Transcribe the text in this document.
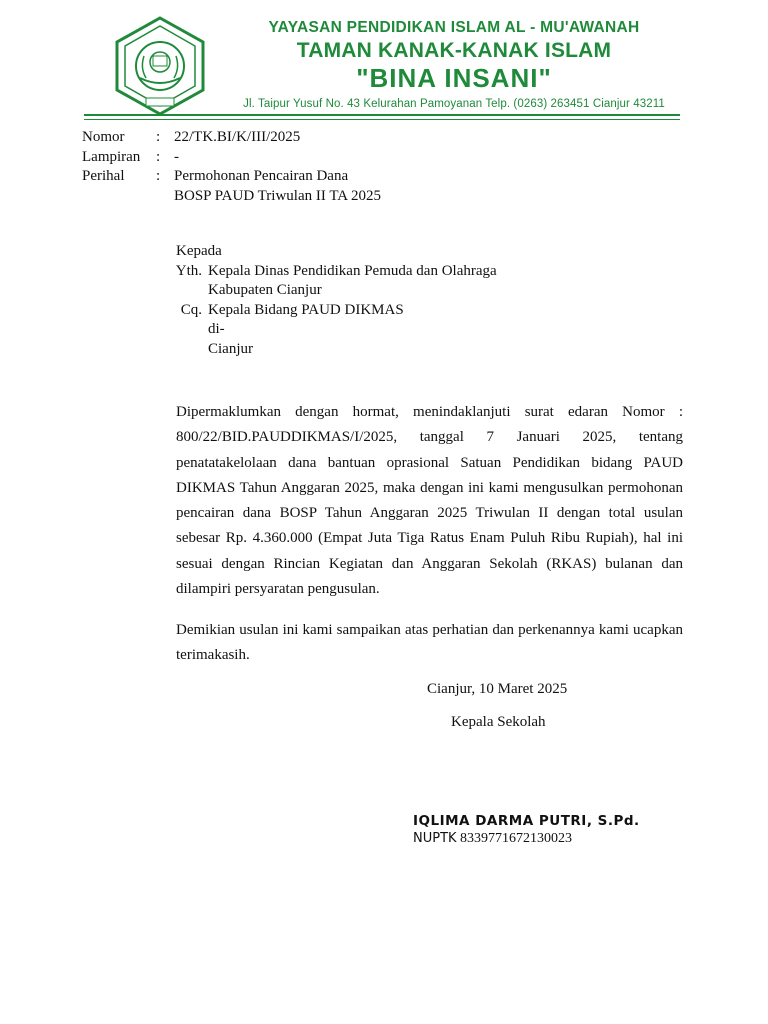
YAYASAN PENDIDIKAN ISLAM AL - MU'AWANAH
TAMAN KANAK-KANAK ISLAM
"BINA INSANI"
Jl. Taipur Yusuf No. 43 Kelurahan Pamoyanan Telp. (0263) 263451 Cianjur 43211
Nomor	: 22/TK.BI/K/III/2025
Lampiran	: -
Perihal	: Permohonan Pencairan Dana
BOSP PAUD Triwulan II TA 2025
Kepada
Yth. Kepala Dinas Pendidikan Pemuda dan Olahraga
Kabupaten Cianjur
Cq. Kepala Bidang PAUD DIKMAS
di-
Cianjur

Dipermaklumkan dengan hormat, menindaklanjuti surat edaran Nomor : 800/22/BID.PAUDDIKMAS/I/2025, tanggal 7 Januari 2025, tentang penatatakelolaan dana bantuan oprasional Satuan Pendidikan bidang PAUD DIKMAS Tahun Anggaran 2025, maka dengan ini kami mengusulkan permohonan pencairan dana BOSP Tahun Anggaran 2025 Triwulan II dengan total usulan sebesar Rp. 4.360.000 (Empat Juta Tiga Ratus Enam Puluh Ribu Rupiah), hal ini sesuai dengan Rincian Kegiatan dan Anggaran Sekolah (RKAS) bulanan dan dilampiri persyaratan pengusulan.

Demikian usulan ini kami sampaikan atas perhatian dan perkenannya kami ucapkan terimakasih.

Cianjur, 10 Maret 2025
Kepala Sekolah
IQLIMA DARMA PUTRI, S.Pd.
NUPTK 8339771672130023
